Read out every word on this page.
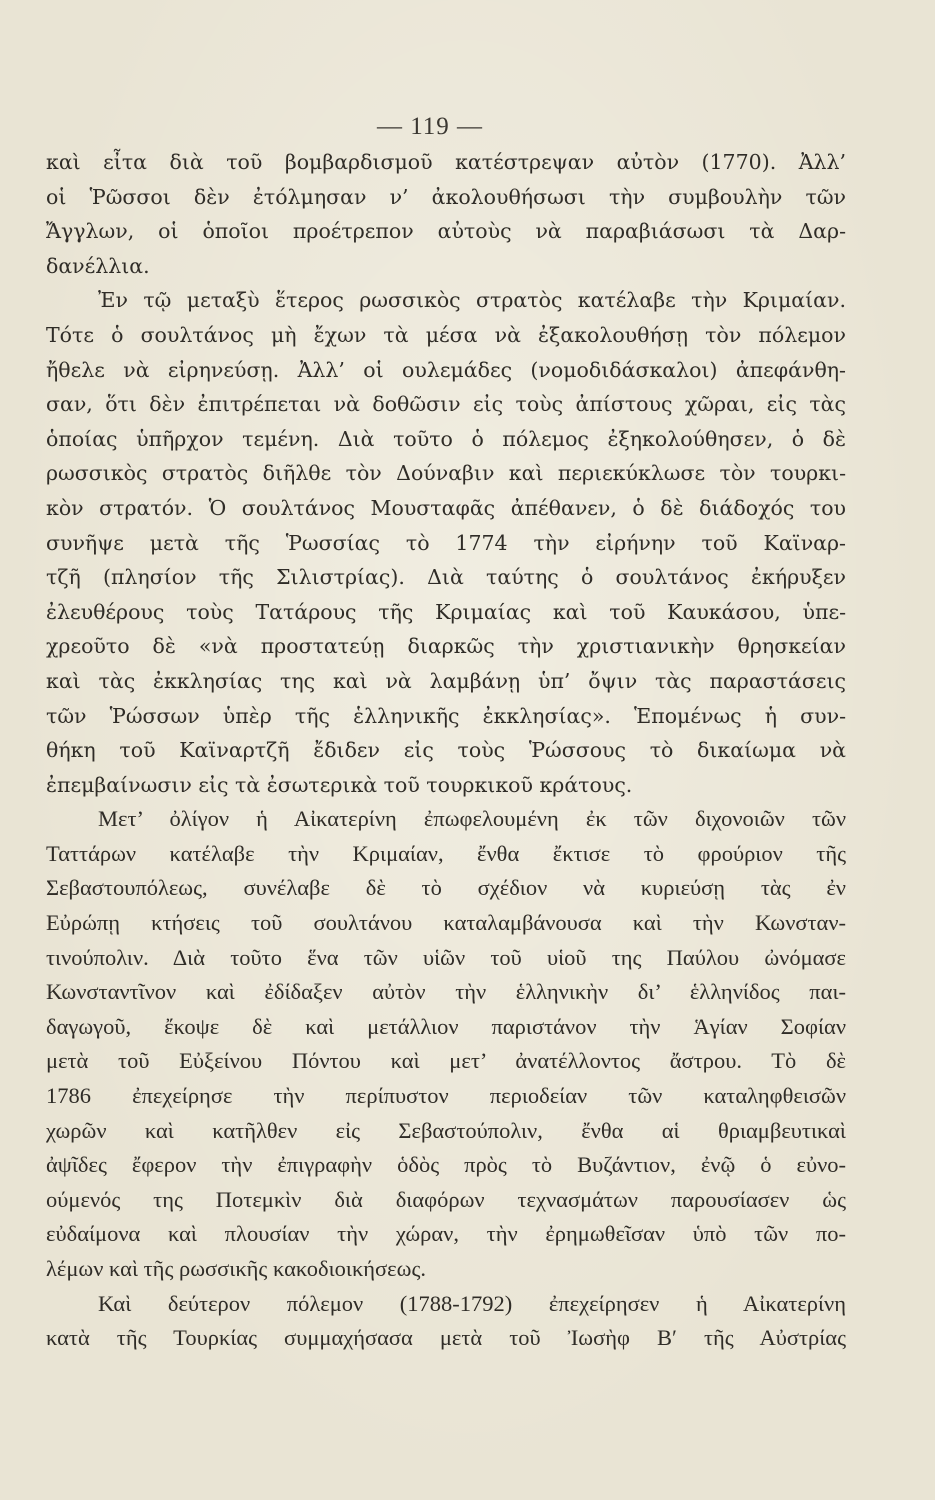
— 119 —
καὶ εἶτα διὰ τοῦ βομβαρδισμοῦ κατέστρεψαν αὐτὸν (1770). Ἀλλ’
οἱ Ῥῶσσοι δὲν ἐτόλμησαν ν’ ἀκολουθήσωσι τὴν συμβουλὴν τῶν
Ἄγγλων, οἱ ὁποῖοι προέτρεπον αὐτοὺς νὰ παραβιάσωσι τὰ Δαρ-
δανέλλια.
Ἐν τῷ μεταξὺ ἕτερος ρωσσικὸς στρατὸς κατέλαβε τὴν Κριμαίαν.
Τότε ὁ σουλτάνος μὴ ἔχων τὰ μέσα νὰ ἐξακολουθήσῃ τὸν πόλεμον
ἤθελε νὰ εἰρηνεύσῃ. Ἀλλ’ οἱ ουλεμάδες (νομοδιδάσκαλοι) ἀπεφάνθη-
σαν, ὅτι δὲν ἐπιτρέπεται νὰ δοθῶσιν εἰς τοὺς ἀπίστους χῶραι, εἰς τὰς
ὁποίας ὑπῆρχον τεμένη. Διὰ τοῦτο ὁ πόλεμος ἐξηκολούθησεν, ὁ δὲ
ρωσσικὸς στρατὸς διῆλθε τὸν Δούναβιν καὶ περιεκύκλωσε τὸν τουρκι-
κὸν στρατόν. Ὁ σουλτάνος Μουσταφᾶς ἀπέθανεν, ὁ δὲ διάδοχός του
συνῆψε μετὰ τῆς Ῥωσσίας τὸ 1774 τὴν εἰρήνην τοῦ Καϊναρ-
τζῆ (πλησίον τῆς Σιλιστρίας). Διὰ ταύτης ὁ σουλτάνος ἐκήρυξεν
ἐλευθέρους τοὺς Τατάρους τῆς Κριμαίας καὶ τοῦ Καυκάσου, ὑπε-
χρεοῦτο δὲ «νὰ προστατεύῃ διαρκῶς τὴν χριστιανικὴν θρησκείαν
καὶ τὰς ἐκκλησίας της καὶ νὰ λαμβάνῃ ὑπ’ ὄψιν τὰς παραστάσεις
τῶν Ῥώσσων ὑπὲρ τῆς ἑλληνικῆς ἐκκλησίας». Ἑπομένως ἡ συν-
θήκη τοῦ Καϊναρτζῆ ἔδιδεν εἰς τοὺς Ῥώσσους τὸ δικαίωμα νὰ
ἐπεμβαίνωσιν εἰς τὰ ἐσωτερικὰ τοῦ τουρκικοῦ κράτους.
Μετ’ ὀλίγον ἡ Αἰκατερίνη ἐπωφελουμένη ἐκ τῶν διχονοιῶν τῶν
Ταττάρων κατέλαβε τὴν Κριμαίαν, ἔνθα ἔκτισε τὸ φρούριον τῆς
Σεβαστουπόλεως, συνέλαβε δὲ τὸ σχέδιον νὰ κυριεύσῃ τὰς ἐν
Εὐρώπῃ κτήσεις τοῦ σουλτάνου καταλαμβάνουσα καὶ τὴν Κωνσταν-
τινούπολιν. Διὰ τοῦτο ἕνα τῶν υἱῶν τοῦ υἱοῦ της Παύλου ὠνόμασε
Κωνσταντῖνον καὶ ἐδίδαξεν αὐτὸν τὴν ἑλληνικὴν δι’ ἑλληνίδος παι-
δαγωγοῦ, ἔκοψε δὲ καὶ μετάλλιον παριστάνον τὴν Ἁγίαν Σοφίαν
μετὰ τοῦ Εὐξείνου Πόντου καὶ μετ’ ἀνατέλλοντος ἄστρου. Τὸ δὲ
1786 ἐπεχείρησε τὴν περίπυστον περιοδείαν τῶν καταληφθεισῶν
χωρῶν καὶ κατῆλθεν εἰς Σεβαστούπολιν, ἔνθα αἱ θριαμβευτικαὶ
ἀψῖδες ἔφερον τὴν ἐπιγραφὴν ὁδὸς πρὸς τὸ Βυζάντιον, ἐνῷ ὁ εὐνο-
ούμενός της Ποτεμκὶν διὰ διαφόρων τεχνασμάτων παρουσίασεν ὡς
εὐδαίμονα καὶ πλουσίαν τὴν χώραν, τὴν ἐρημωθεῖσαν ὑπὸ τῶν πο-
λέμων καὶ τῆς ρωσσικῆς κακοδιοικήσεως.
Καὶ δεύτερον πόλεμον (1788-1792) ἐπεχείρησεν ἡ Αἰκατερίνη
κατὰ τῆς Τουρκίας συμμαχήσασα μετὰ τοῦ Ἰωσὴφ Β′ τῆς Αὐστρίας
